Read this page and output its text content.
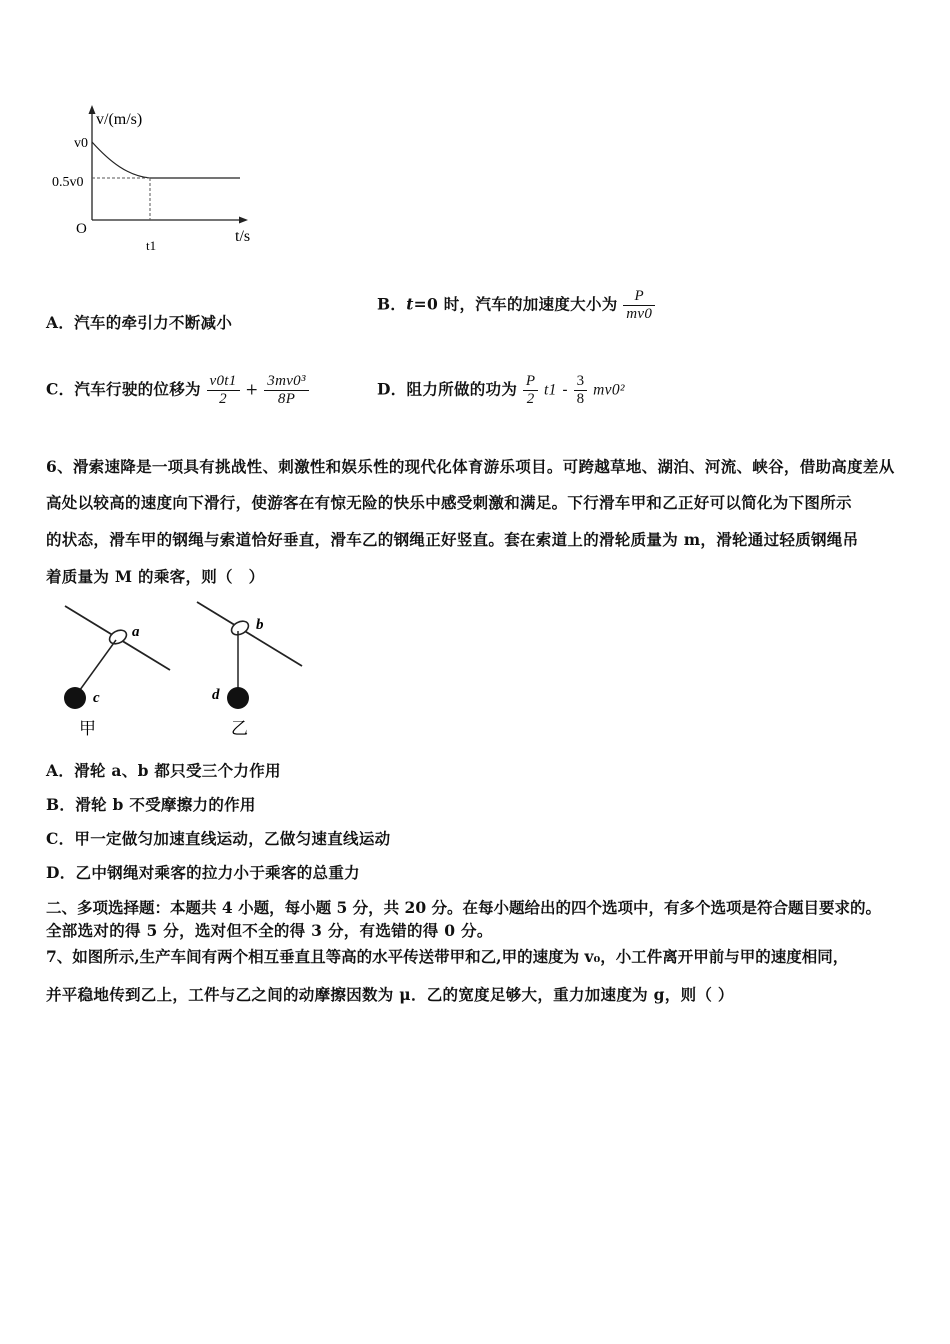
v/(m/s)
v0
0.5v0
O
t1
t/s
A．汽车的牵引力不断减小
B．t=0 时，汽车的加速度大小为 $\frac{P}{mv0}$
C．汽车行驶的位移为 $\frac{v0t1}{2} + \frac{\text{3mv0³}}{8P}$	D．阻力所做的功为 $\frac{P}{2} t1 - \frac{3}{8} mv0^2$
6、滑索速降是一项具有挑战性、刺激性和娱乐性的现代化体育游乐项目。可跨越草地、湖泊、河流、峡谷，借助高度差从
高处以较高的速度向下滑行，使游客在有惊无险的快乐中感受刺激和满足。下行滑车甲和乙正好可以简化为下图所示
的状态，滑车甲的钢绳与索道恰好垂直，滑车乙的钢绳正好竖直。套在索道上的滑轮质量为 m，滑轮通过轻质钢绳吊
着质量为 M 的乘客，则（　）
a
c
甲
b
d
乙
A．滑轮 a、b 都只受三个力作用
B．滑轮 b 不受摩擦力的作用
C．甲一定做匀加速直线运动，乙做匀速直线运动
D．乙中钢绳对乘客的拉力小于乘客的总重力
二、多项选择题：本题共 4 小题，每小题 5 分，共 20 分。在每小题给出的四个选项中，有多个选项是符合题目要求的。
全部选对的得 5 分，选对但不全的得 3 分，有选错的得 0 分。
7、如图所示,生产车间有两个相互垂直且等高的水平传送带甲和乙,甲的速度为 v₀，小工件离开甲前与甲的速度相同，
并平稳地传到乙上，工件与乙之间的动摩擦因数为 μ．乙的宽度足够大，重力加速度为 g，则（ ）
